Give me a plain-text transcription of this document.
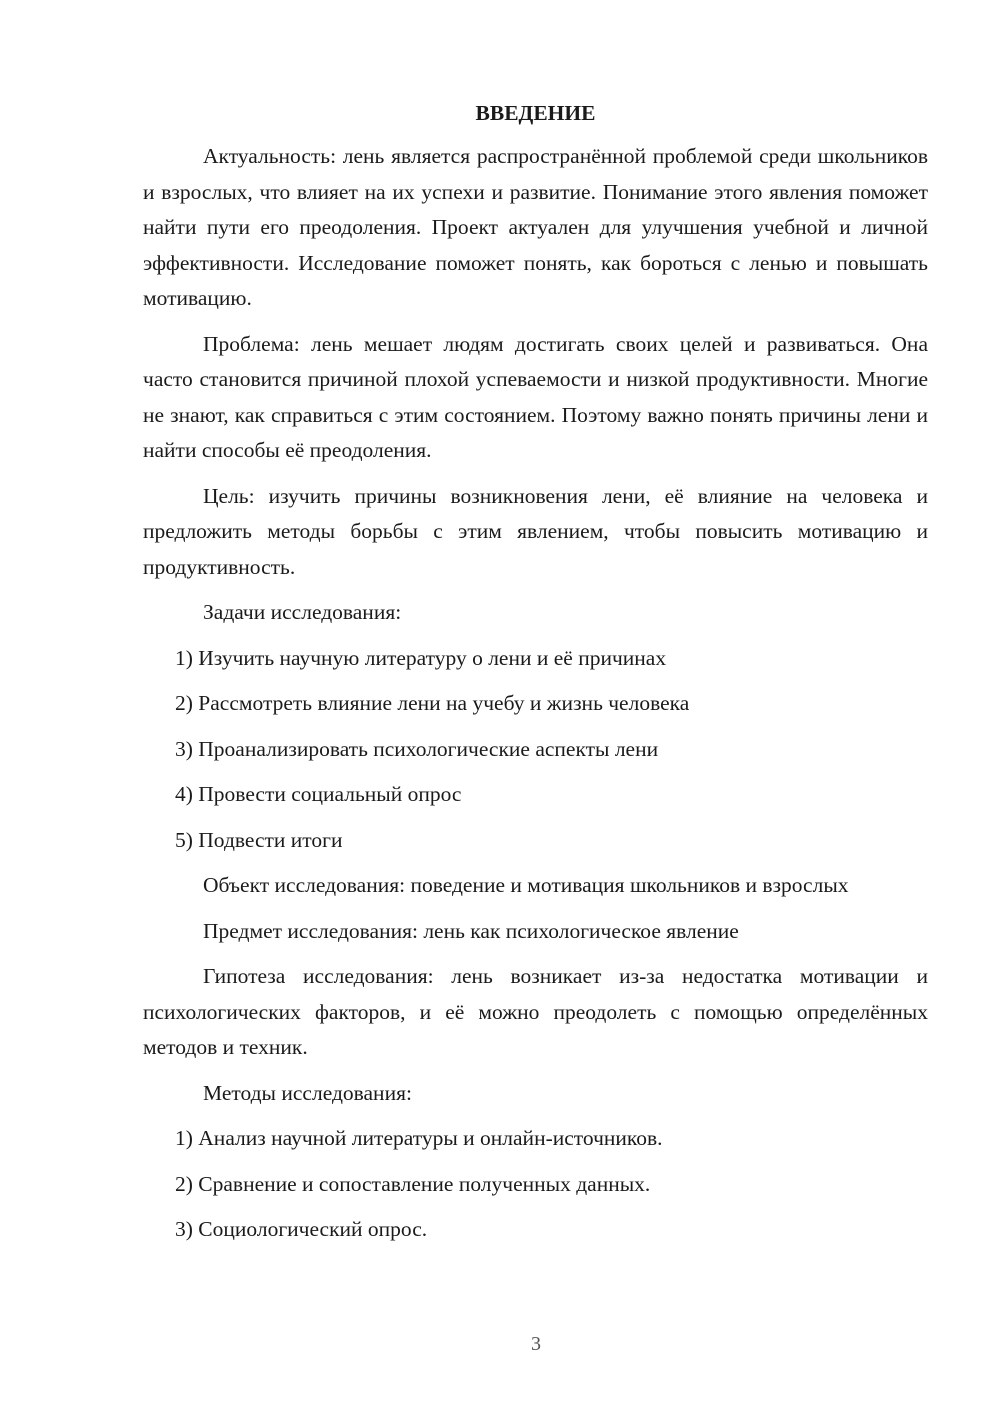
ВВЕДЕНИЕ

Актуальность: лень является распространённой проблемой среди школьников и взрослых, что влияет на их успехи и развитие. Понимание этого явления поможет найти пути его преодоления. Проект актуален для улучшения учебной и личной эффективности. Исследование поможет понять, как бороться с ленью и повышать мотивацию.

Проблема: лень мешает людям достигать своих целей и развиваться. Она часто становится причиной плохой успеваемости и низкой продуктивности. Многие не знают, как справиться с этим состоянием. Поэтому важно понять причины лени и найти способы её преодоления.

Цель: изучить причины возникновения лени, её влияние на человека и предложить методы борьбы с этим явлением, чтобы повысить мотивацию и продуктивность.

Задачи исследования:

1) Изучить научную литературу о лени и её причинах

2) Рассмотреть влияние лени на учебу и жизнь человека

3) Проанализировать психологические аспекты лени

4) Провести социальный опрос

5) Подвести итоги

Объект исследования: поведение и мотивация школьников и взрослых

Предмет исследования: лень как психологическое явление

Гипотеза исследования: лень возникает из-за недостатка мотивации и психологических факторов, и её можно преодолеть с помощью определённых методов и техник.

Методы исследования:

1) Анализ научной литературы и онлайн-источников.

2) Сравнение и сопоставление полученных данных.

3) Социологический опрос.

3
